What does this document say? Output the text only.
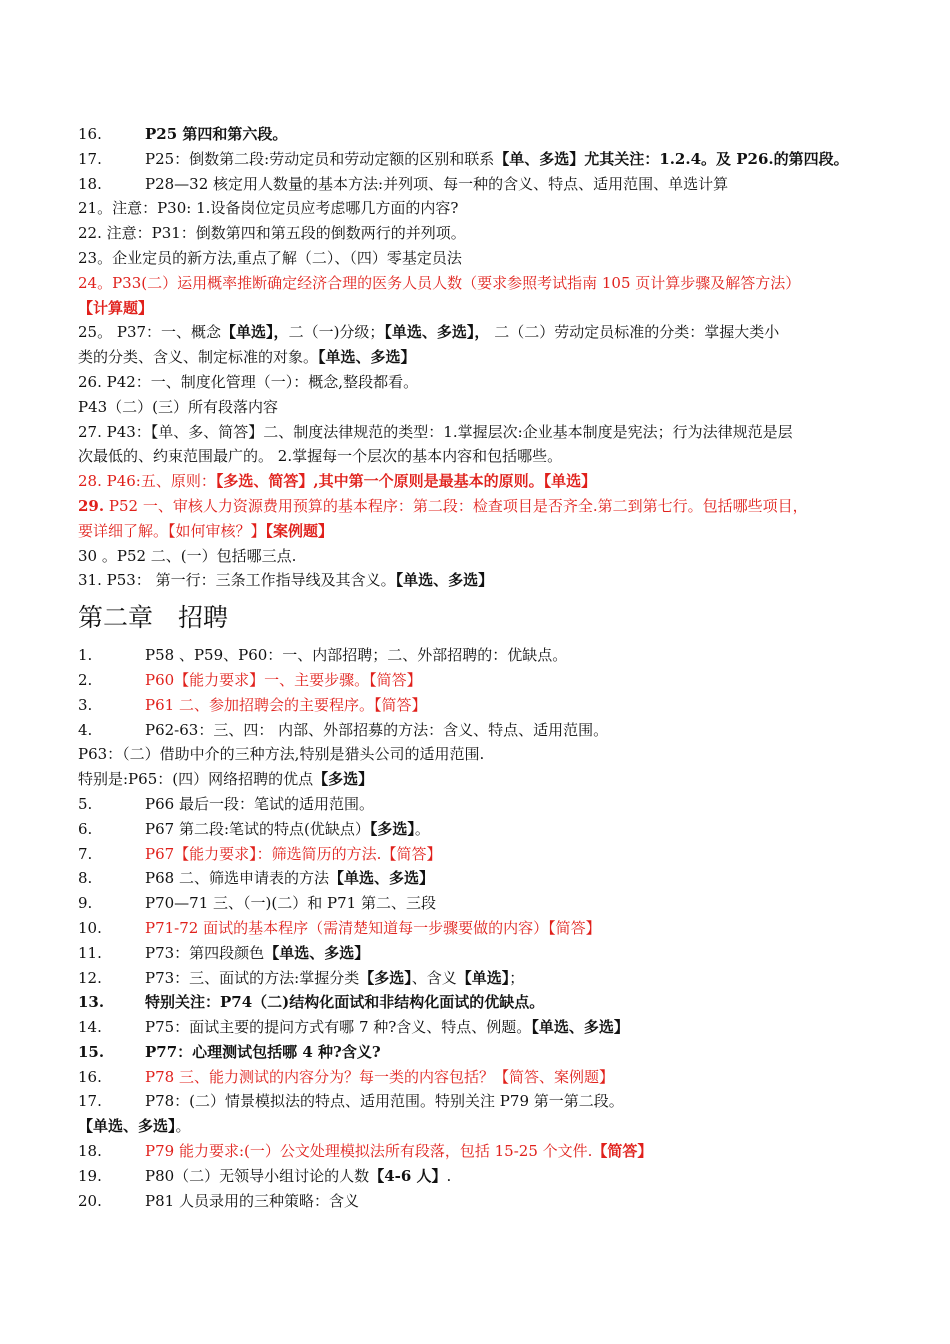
16.	P25 第四和第六段。
17.	P25：倒数第二段:劳动定员和劳动定额的区别和联系【单、多选】尤其关注：1.2.4。及 P26.的第四段。
18.	P28—32 核定用人数量的基本方法:并列项、每一种的含义、特点、适用范围、单选计算
21。注意：P30: 1.设备岗位定员应考虑哪几方面的内容?
22. 注意：P31：倒数第四和第五段的倒数两行的并列项。
23。企业定员的新方法,重点了解（二）、（四）零基定员法
24。P33(二）运用概率推断确定经济合理的医务人员人数（要求参照考试指南 105 页计算步骤及解答方法）
【计算题】
25。 P37：一、概念【单选】，二（一)分级；【单选、多选】， 二（二）劳动定员标准的分类：掌握大类小
类的分类、含义、制定标准的对象。【单选、多选】
26. P42：一、制度化管理（一）：概念,整段都看。
P43（二）(三）所有段落内容
27. P43：【单、多、简答】二、制度法律规范的类型：1.掌握层次:企业基本制度是宪法；行为法律规范是层
次最低的、约束范围最广的。 2.掌握每一个层次的基本内容和包括哪些。
28. P46:五、原则：【多选、简答】,其中第一个原则是最基本的原则。【单选】
29. P52 一、审核人力资源费用预算的基本程序：第二段：检查项目是否齐全.第二到第七行。包括哪些项目，
要详细了解。【如何审核？】【案例题】
30 。P52 二、(一）包括哪三点.
31. P53： 第一行：三条工作指导线及其含义。【单选、多选】
第二章　招聘
1.	P58 、P59、P60：一、内部招聘；二、外部招聘的：优缺点。
2.	P60【能力要求】一、主要步骤。【简答】
3.	P61 二、参加招聘会的主要程序。【简答】
4.	P62-63：三、四： 内部、外部招募的方法：含义、特点、适用范围。
P63：（二）借助中介的三种方法,特别是猎头公司的适用范围.
特别是:P65：(四）网络招聘的优点【多选】
5.	P66 最后一段：笔试的适用范围。
6.	P67 第二段:笔试的特点(优缺点）【多选】。
7.	P67【能力要求】：筛选简历的方法.【简答】
8.	P68 二、筛选申请表的方法【单选、多选】
9.	P70—71 三、（一)(二）和 P71 第二、三段
10.	P71-72 面试的基本程序（需清楚知道每一步骤要做的内容）【简答】
11.	P73：第四段颜色【单选、多选】
12.	P73：三、面试的方法:掌握分类【多选】、含义【单选】；
13.	特别关注：P74（二)结构化面试和非结构化面试的优缺点。
14.	P75：面试主要的提问方式有哪 7 种?含义、特点、例题。【单选、多选】
15.	P77：心理测试包括哪 4 种?含义?
16.	P78 三、能力测试的内容分为？每一类的内容包括？【简答、案例题】
17.	P78：(二）情景模拟法的特点、适用范围。特别关注 P79 第一第二段。
【单选、多选】。
18.	P79 能力要求:(一）公文处理模拟法所有段落，包括 15-25 个文件.【简答】
19.	P80（二）无领导小组讨论的人数【4-6 人】.
20.	P81 人员录用的三种策略：含义
